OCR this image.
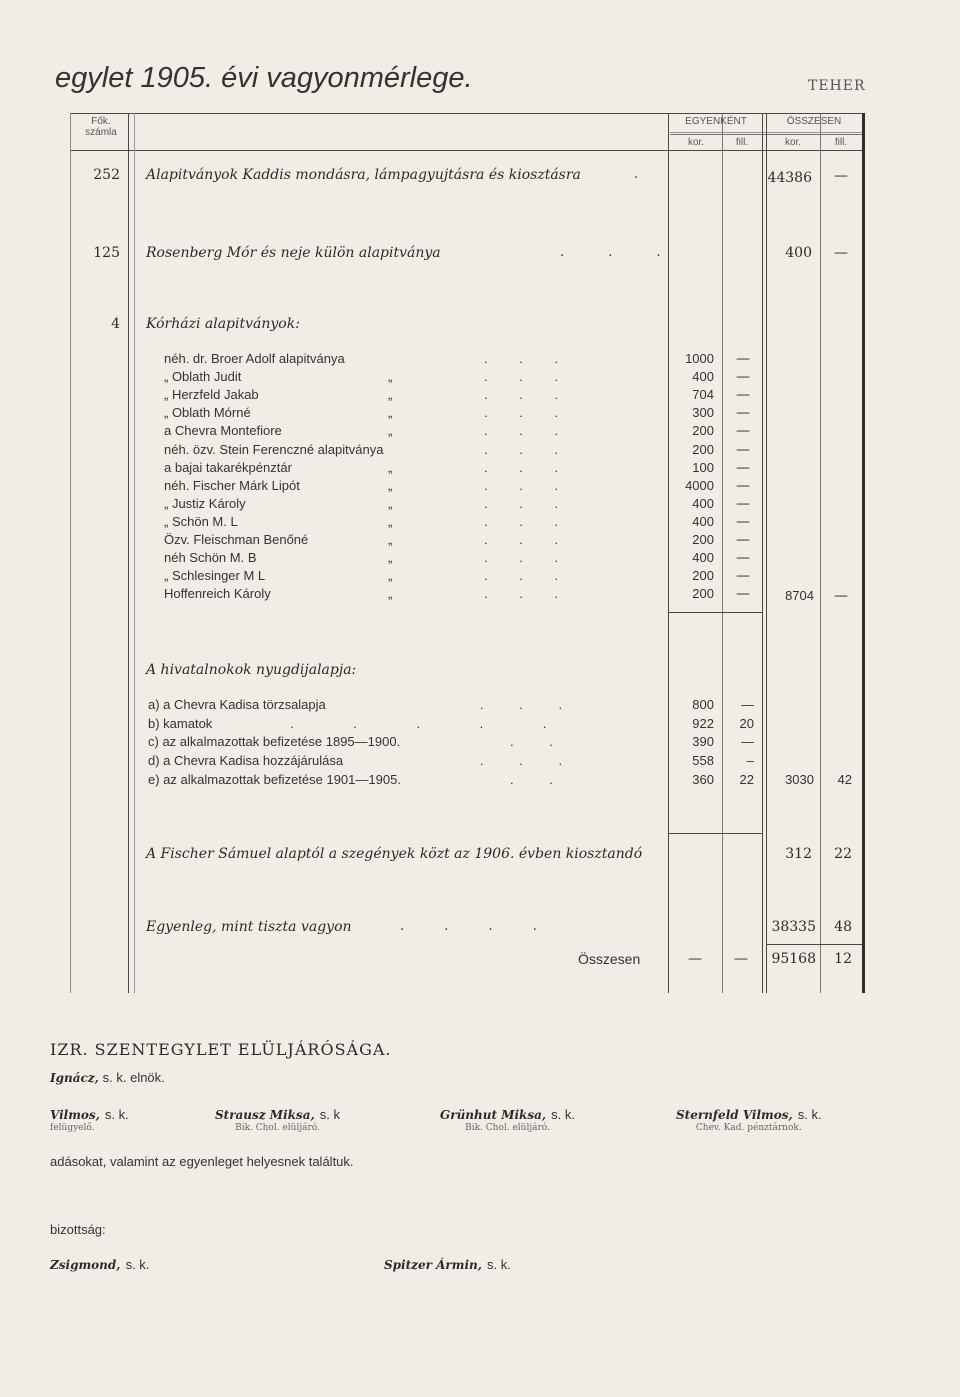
egylet 1905. évi vagyonmérlege.	TEHER
Fők.
számla
EGYENKÉNT	ÖSSZESEN
kor.	fill.	kor.	fill.
252 Alapitványok Kaddis mondásra, lámpagyujtásra és kiosztásra	.	44386 —
125 Rosenberg Mór és neje külön alapitványa	. . .	400 —
4 Kórházi alapitványok:
néh. dr. Broer Adolf alapitványa	. . .	1000 —
„ Oblath Judit	„	. . .	400 —
„ Herzfeld Jakab	„	. . .	704 —
„ Oblath Mórné	„	. . .	300 —
a Chevra Montefiore	„	. . .	200 —
néh. özv. Stein Ferenczné alapitványa	. . .	200 —
a bajai takarékpénztár	„	. . .	100 —
néh. Fischer Márk Lipót	„	. . .	4000 —
„ Justiz Károly	„	. . .	400 —
„ Schön M. L	„	. . .	400 —
Özv. Fleischman Benőné	„	. . .	200 —
néh Schön M. B	„	. . .	400 —
„ Schlesinger M L	„	. . .	200 —
Hoffenreich Károly	„	. . .	200 —	8704 —
A hivatalnokok nyugdijalapja:
a) a Chevra Kadisa törzsalapja	. . .	800	—
b) kamatok	. . . . .	922	20
c) az alkalmazottak befizetése 1895—1900.	. .	390	—
d) a Chevra Kadisa hozzájárulása	. . .	558	–
e) az alkalmazottak befizetése 1901—1905.	. .	360	22	3030	42
A Fischer Sámuel alaptól a szegények közt az 1906. évben kiosztandó	312	22
Egyenleg, mint tiszta vagyon	. . . .	38335	48
Összesen	— —	95168	12
IZR. SZENTEGYLET ELÜLJÁRÓSÁGA.
Ignácz, s. k. elnök.
Vilmos, s. k.
felügyelő.
Strausz Miksa, s. k
Bik. Chol. elüljáró.
Grünhut Miksa, s. k.
Bik. Chol. elüljáró.
Sternfeld Vilmos, s. k.
Chev. Kad. pénztárnok.
adásokat, valamint az egyenleget helyesnek találtuk.
bizottság:
Zsigmond, s. k.	Spitzer Ármin, s. k.
